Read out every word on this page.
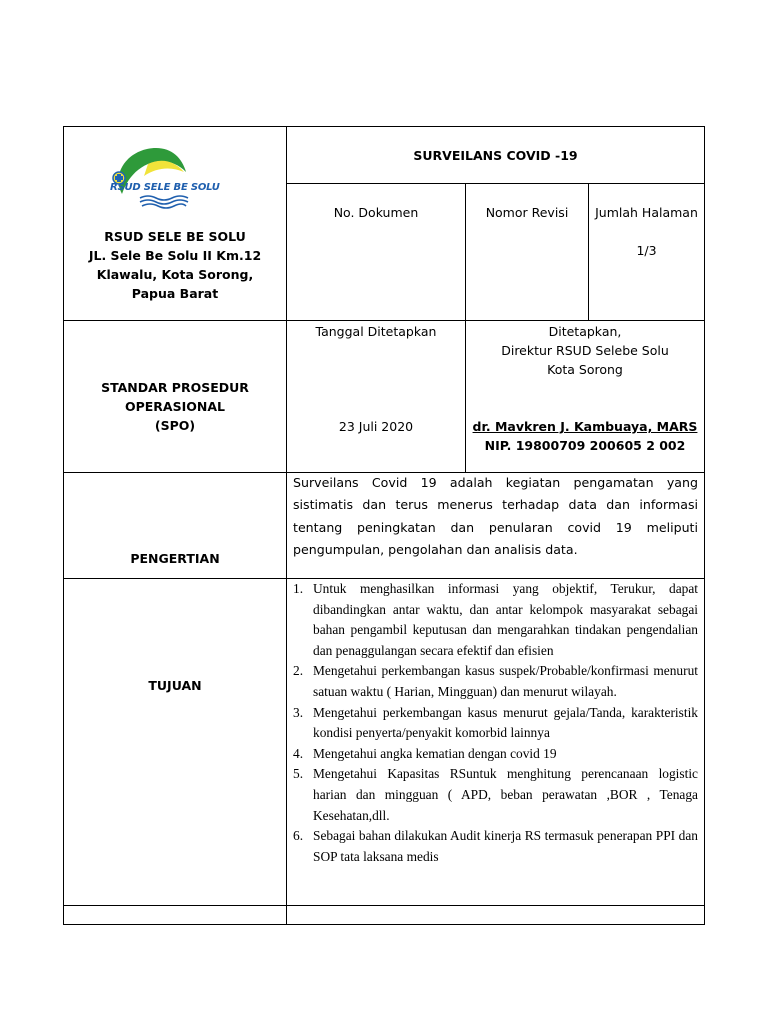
RSUD SELE BE SOLU
RSUD SELE BE SOLU
JL. Sele Be Solu II Km.12
Klawalu, Kota Sorong,
Papua Barat
SURVEILANS COVID -19
No. Dokumen	Nomor Revisi	Jumlah Halaman
1/3
STANDAR PROSEDUR
OPERASIONAL
(SPO)
Tanggal Ditetapkan
23 Juli 2020
Ditetapkan,
Direktur RSUD Selebe Solu
Kota Sorong
dr. Mavkren J. Kambuaya, MARS
NIP. 19800709 200605 2 002
PENGERTIAN
Surveilans Covid 19 adalah kegiatan pengamatan yang sistimatis dan terus menerus terhadap data dan informasi tentang peningkatan dan penularan covid 19 meliputi pengumpulan, pengolahan dan analisis data.
TUJUAN
1. Untuk menghasilkan informasi yang objektif, Terukur, dapat dibandingkan antar waktu, dan antar kelompok masyarakat sebagai bahan pengambil keputusan dan mengarahkan tindakan pengendalian dan penaggulangan secara efektif dan efisien
2. Mengetahui perkembangan kasus suspek/Probable/konfirmasi menurut satuan waktu ( Harian, Mingguan) dan menurut wilayah.
3. Mengetahui perkembangan kasus menurut gejala/Tanda, karakteristik kondisi penyerta/penyakit komorbid lainnya
4. Mengetahui angka kematian dengan covid 19
5. Mengetahui Kapasitas RSuntuk menghitung perencanaan logistic harian dan mingguan ( APD, beban perawatan ,BOR , Tenaga Kesehatan,dll.
6. Sebagai bahan dilakukan Audit kinerja RS termasuk penerapan PPI dan SOP tata laksana medis
